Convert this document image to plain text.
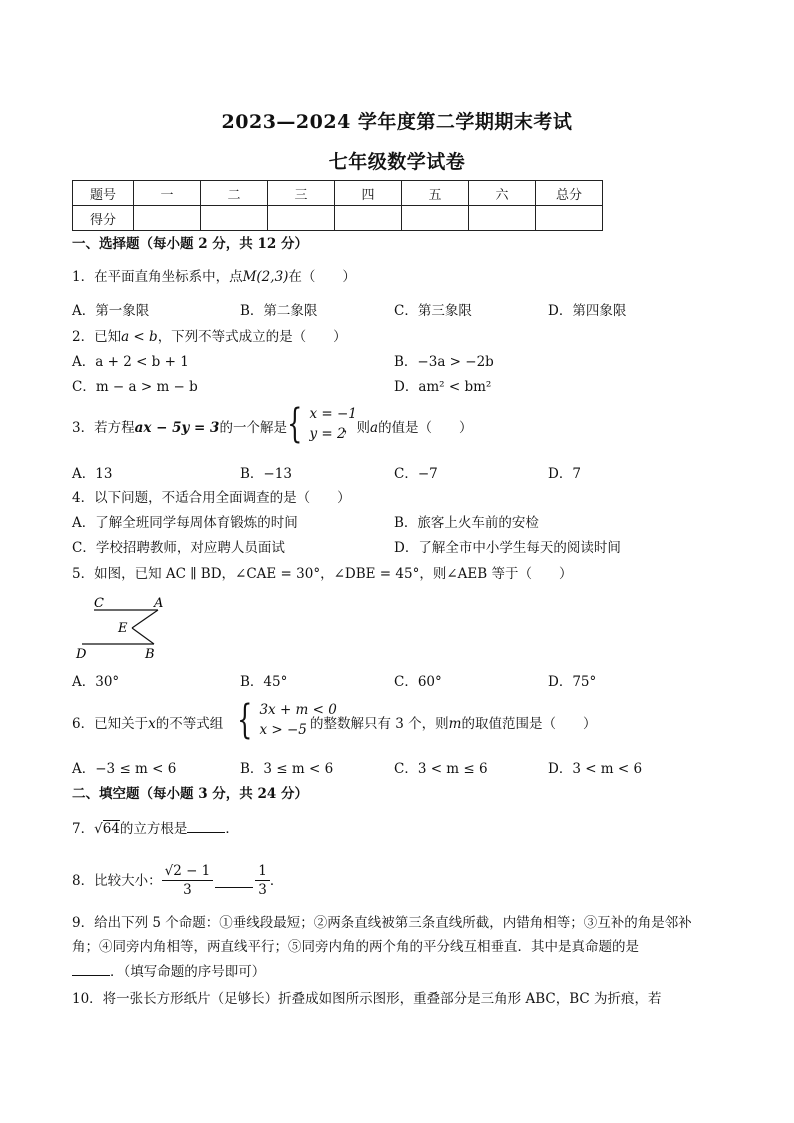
2023—2024 学年度第二学期期末考试
七年级数学试卷
题号	一	二	三	四	五	六	总分
得分							
一、选择题（每小题 2 分，共 12 分）
1．在平面直角坐标系中，点M(2,3)在（　　）
A．第一象限	B．第二象限	C．第三象限	D．第四象限
2．已知a < b，下列不等式成立的是（　　）
A．a + 2 < b + 1	B．−3a > −2b
C．m − a > m − b	D．am² < bm²
3．若方程ax − 5y = 3的一个解是 { x = −1
y = 2
，则a的值是（　　）
A．13	B．−13	C．−7	D．7
4．以下问题，不适合用全面调查的是（　　）
A．了解全班同学每周体育锻炼的时间	B．旅客上火车前的安检
C．学校招聘教师，对应聘人员面试	D．了解全市中小学生每天的阅读时间
5．如图，已知 AC ∥ BD，∠CAE = 30°，∠DBE = 45°，则∠AEB 等于（　　）
C	A
E
D	B
A．30°	B．45°	C．60°	D．75°
6．已知关于x的不等式组 { 3x + m < 0
x > −5 的整数解只有 3 个，则m的取值范围是（　　）
A．−3 ≤ m < 6	B．3 ≤ m < 6	C．3 < m ≤ 6	D．3 < m < 6
二、填空题（每小题 3 分，共 24 分）
7．√64的立方根是	．
8．比较大小： $\frac{√2 - 1}{3}$	$\frac{1}{3}$ ．
9．给出下列 5 个命题：①垂线段最短；②两条直线被第三条直线所截，内错角相等；③互补的角是邻补
角；④同旁内角相等，两直线平行；⑤同旁内角的两个角的平分线互相垂直．其中是真命题的是
．（填写命题的序号即可）
10．将一张长方形纸片（足够长）折叠成如图所示图形，重叠部分是三角形 ABC，BC 为折痕，若
